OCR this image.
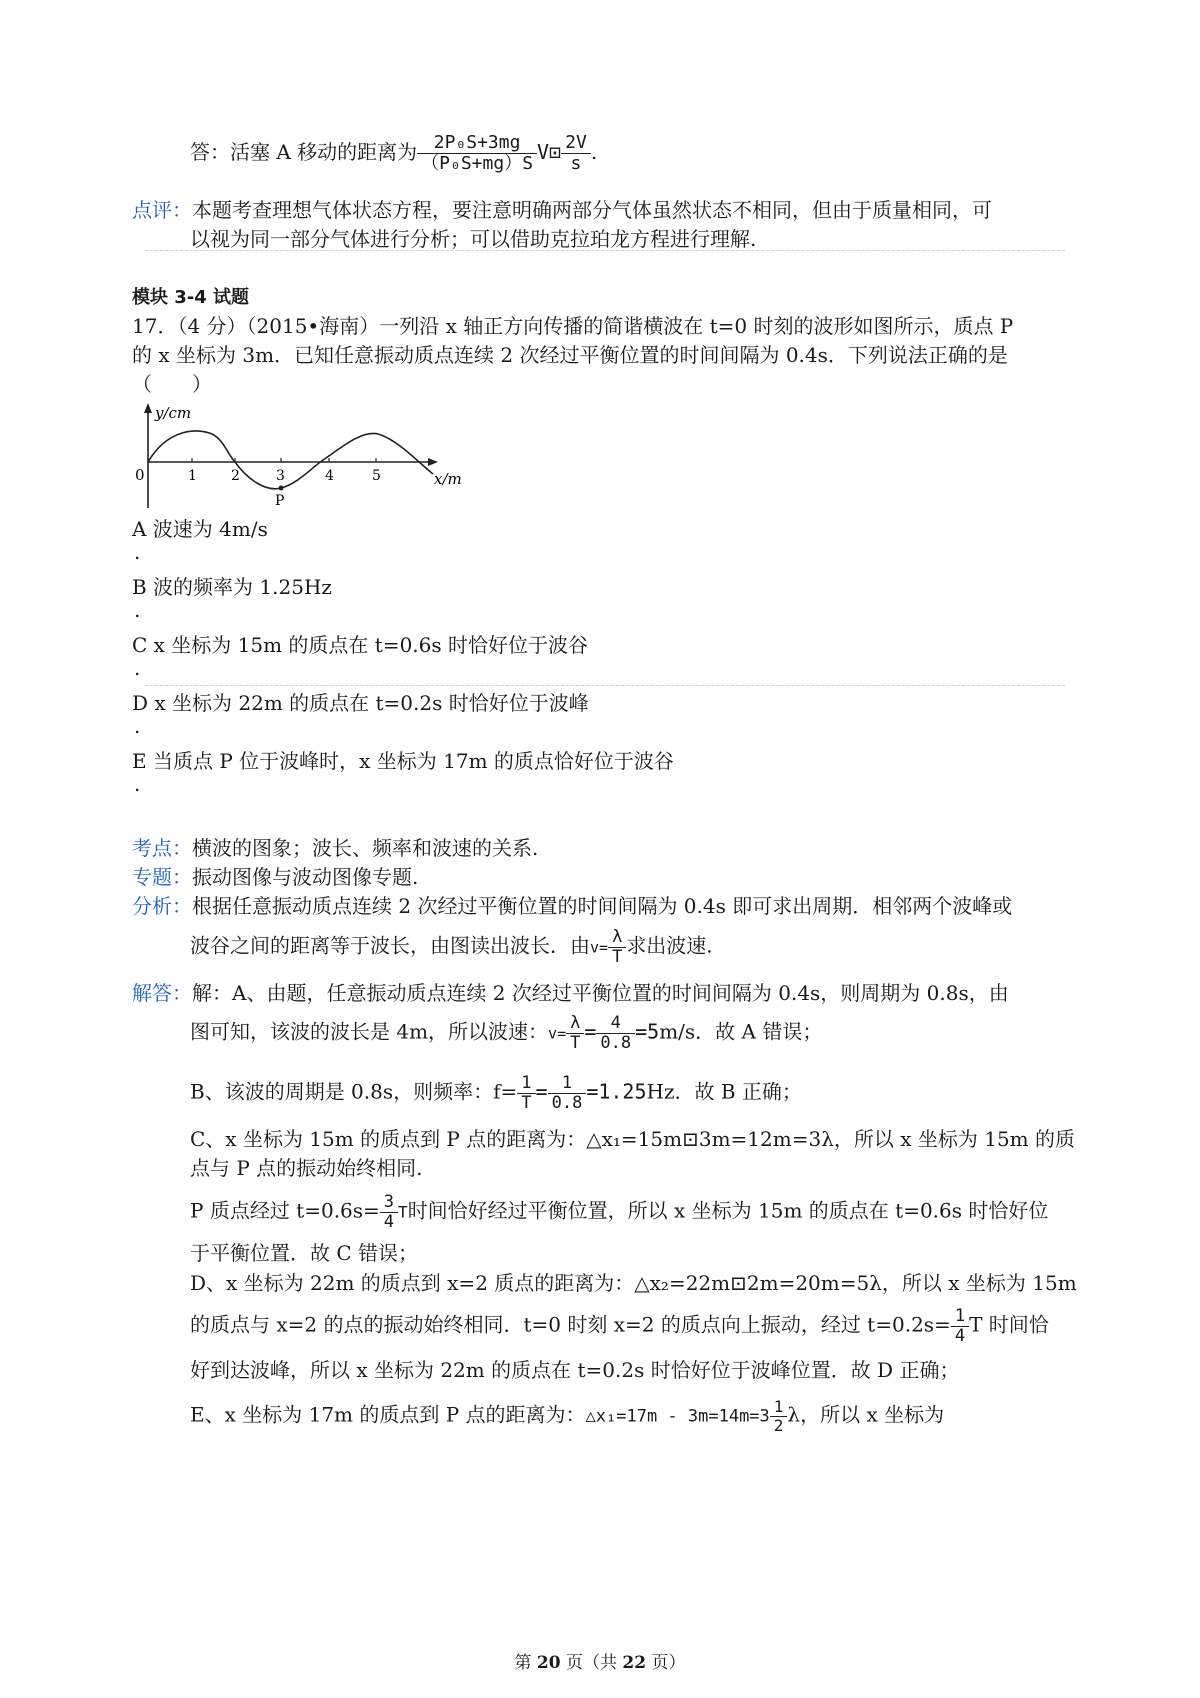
答：活塞 A 移动的距离为 $\frac{\text{2P₀S+3mg}}{\text{（P₀S+mg）S}}$ V⊡ $\frac{2V}{s}$ .
点评：本题考查理想气体状态方程，要注意明确两部分气体虽然状态不相同，但由于质量相同，可
以视为同一部分气体进行分析；可以借助克拉珀龙方程进行理解.
模块 3-4 试题
17．（4 分）（2015•海南）一列沿 x 轴正方向传播的简谐横波在 t=0 时刻的波形如图所示，质点 P
的 x 坐标为 3m．已知任意振动质点连续 2 次经过平衡位置的时间间隔为 0.4s．下列说法正确的是
（　　）
y/cm
0	1 2	3	4	5	x/m
P
A 波速为 4m/s
.
B 波的频率为 1.25Hz
.
C x 坐标为 15m 的质点在 t=0.6s 时恰好位于波谷
.
D x 坐标为 22m 的质点在 t=0.2s 时恰好位于波峰
.
E 当质点 P 位于波峰时，x 坐标为 17m 的质点恰好位于波谷
.
考点：横波的图象；波长、频率和波速的关系.
专题：振动图像与波动图像专题.
分析：根据任意振动质点连续 2 次经过平衡位置的时间间隔为 0.4s 即可求出周期．相邻两个波峰或
波谷之间的距离等于波长，由图读出波长．由$v= \frac{\lambda}{T}$ 求出波速.
解答：解：A、由题，任意振动质点连续 2 次经过平衡位置的时间间隔为 0.4s，则周期为 0.8s，由
图可知，该波的波长是 4m，所以波速：$v= \frac{\lambda}{T} = \frac{4}{0.8} =5m/s$．故 A 错误；
B、该波的周期是 0.8s，则频率：$f= \frac{1}{T} = \frac{1}{0.8} =1.25Hz$．故 B 正确；
C、x 坐标为 15m 的质点到 P 点的距离为：△x₁=15m⊡3m=12m=3λ，所以 x 坐标为 15m 的质
点与 P 点的振动始终相同.
P 质点经过 $t=0.6s= \frac{3}{4}$ T时间恰好经过平衡位置，所以 x 坐标为 15m 的质点在 t=0.6s 时恰好位
于平衡位置．故 C 错误；
D、x 坐标为 22m 的质点到 x=2 质点的距离为：△x₂=22m⊡2m=20m=5λ，所以 x 坐标为 15m
的质点与 x=2 的点的振动始终相同．t=0 时刻 x=2 的质点向上振动，经过 $t=0.2s= \frac{1}{4}$ T 时间恰
好到达波峰，所以 x 坐标为 22m 的质点在 t=0.2s 时恰好位于波峰位置．故 D 正确；
E、x 坐标为 17m 的质点到 P 点的距离为：△x₁=17m - $3m=14m=3 \frac{1}{2}$ λ，所以 x 坐标为
第 20 页（共 22 页）
